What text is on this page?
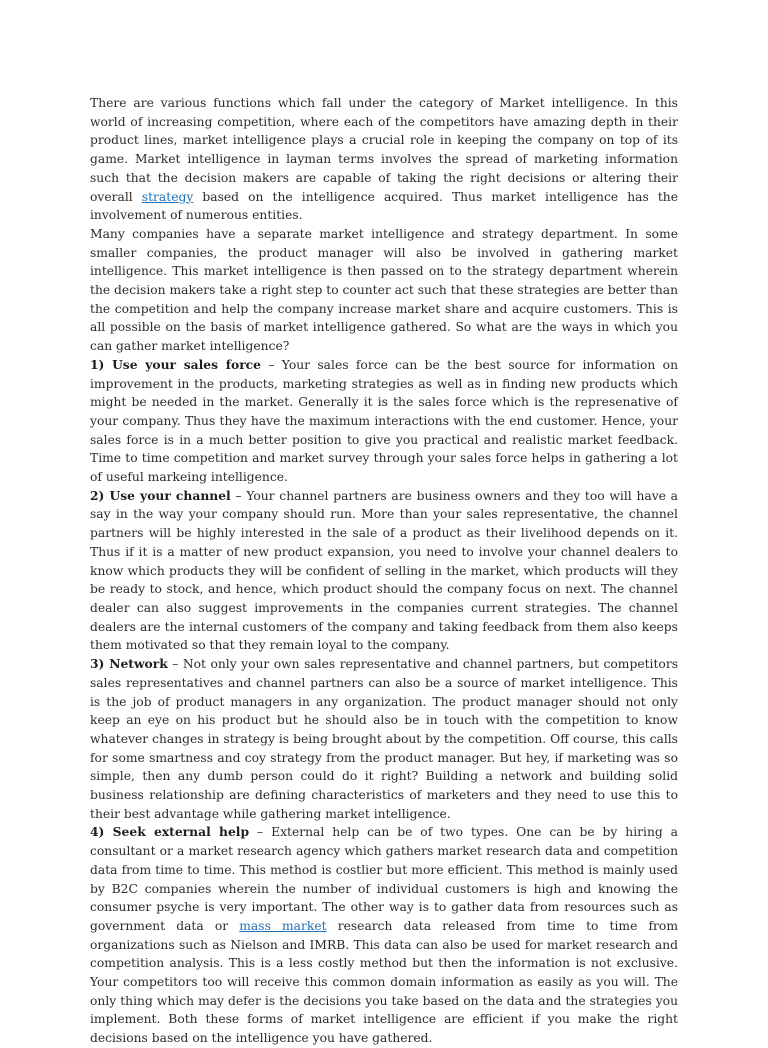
There are various functions which fall under the category of Market intelligence. In this world of increasing competition, where each of the competitors have amazing depth in their product lines, market intelligence plays a crucial role in keeping the company on top of its game. Market intelligence in layman terms involves the spread of marketing information such that the decision makers are capable of taking the right decisions or altering their overall strategy based on the intelligence acquired. Thus market intelligence has the involvement of numerous entities.

Many companies have a separate market intelligence and strategy department. In some smaller companies, the product manager will also be involved in gathering market intelligence. This market intelligence is then passed on to the strategy department wherein the decision makers take a right step to counter act such that these strategies are better than the competition and help the company increase market share and acquire customers. This is all possible on the basis of market intelligence gathered. So what are the ways in which you can gather market intelligence?

1) Use your sales force – Your sales force can be the best source for information on improvement in the products, marketing strategies as well as in finding new products which might be needed in the market. Generally it is the sales force which is the represenative of your company. Thus they have the maximum interactions with the end customer. Hence, your sales force is in a much better position to give you practical and realistic market feedback. Time to time competition and market survey through your sales force helps in gathering a lot of useful markeing intelligence.

2) Use your channel – Your channel partners are business owners and they too will have a say in the way your company should run. More than your sales representative, the channel partners will be highly interested in the sale of a product as their livelihood depends on it. Thus if it is a matter of new product expansion, you need to involve your channel dealers to know which products they will be confident of selling in the market, which products will they be ready to stock, and hence, which product should the company focus on next. The channel dealer can also suggest improvements in the companies current strategies. The channel dealers are the internal customers of the company and taking feedback from them also keeps them motivated so that they remain loyal to the company.

3) Network – Not only your own sales representative and channel partners, but competitors sales representatives and channel partners can also be a source of market intelligence. This is the job of product managers in any organization. The product manager should not only keep an eye on his product but he should also be in touch with the competition to know whatever changes in strategy is being brought about by the competition. Off course, this calls for some smartness and coy strategy from the product manager. But hey, if marketing was so simple, then any dumb person could do it right? Building a network and building solid business relationship are defining characteristics of marketers and they need to use this to their best advantage while gathering market intelligence.

4) Seek external help – External help can be of two types. One can be by hiring a consultant or a market research agency which gathers market research data and competition data from time to time. This method is costlier but more efficient. This method is mainly used by B2C companies wherein the number of individual customers is high and knowing the consumer psyche is very important. The other way is to gather data from resources such as government data or mass market research data released from time to time from organizations such as Nielson and IMRB. This data can also be used for market research and competition analysis. This is a less costly method but then the information is not exclusive. Your competitors too will receive this common domain information as easily as you will. The only thing which may defer is the decisions you take based on the data and the strategies you implement. Both these forms of market intelligence are efficient if you make the right decisions based on the intelligence you have gathered.
